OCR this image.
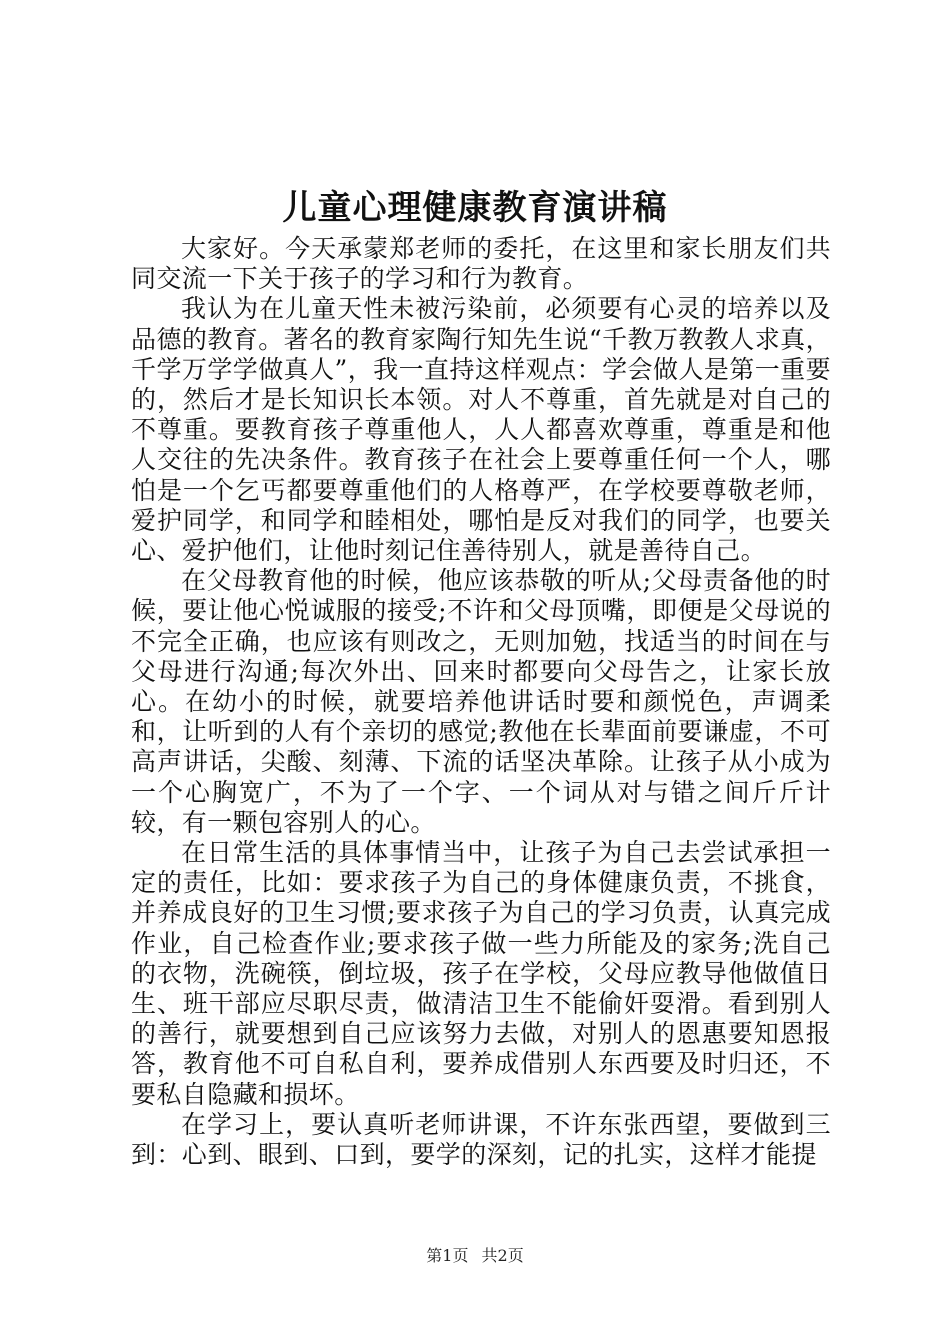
儿童心理健康教育演讲稿

大家好。今天承蒙郑老师的委托，在这里和家长朋友们共同交流一下关于孩子的学习和行为教育。

我认为在儿童天性未被污染前，必须要有心灵的培养以及品德的教育。著名的教育家陶行知先生说“千教万教教人求真，千学万学学做真人”，我一直持这样观点：学会做人是第一重要的，然后才是长知识长本领。对人不尊重，首先就是对自己的不尊重。要教育孩子尊重他人，人人都喜欢尊重，尊重是和他人交往的先决条件。教育孩子在社会上要尊重任何一个人，哪怕是一个乞丐都要尊重他们的人格尊严，在学校要尊敬老师，爱护同学，和同学和睦相处，哪怕是反对我们的同学，也要关心、爱护他们，让他时刻记住善待别人，就是善待自己。

在父母教育他的时候，他应该恭敬的听从;父母责备他的时候，要让他心悦诚服的接受;不许和父母顶嘴，即便是父母说的不完全正确，也应该有则改之，无则加勉，找适当的时间在与父母进行沟通;每次外出、回来时都要向父母告之，让家长放心。在幼小的时候，就要培养他讲话时要和颜悦色，声调柔和，让听到的人有个亲切的感觉;教他在长辈面前要谦虚，不可高声讲话，尖酸、刻薄、下流的话坚决革除。让孩子从小成为一个心胸宽广，不为了一个字、一个词从对与错之间斤斤计较，有一颗包容别人的心。

在日常生活的具体事情当中，让孩子为自己去尝试承担一定的责任，比如：要求孩子为自己的身体健康负责，不挑食，并养成良好的卫生习惯;要求孩子为自己的学习负责，认真完成作业，自己检查作业;要求孩子做一些力所能及的家务;洗自己的衣物，洗碗筷，倒垃圾，孩子在学校，父母应教导他做值日生、班干部应尽职尽责，做清洁卫生不能偷奸耍滑。看到别人的善行，就要想到自己应该努力去做，对别人的恩惠要知恩报答，教育他不可自私自利，要养成借别人东西要及时归还，不要私自隐藏和损坏。

在学习上，要认真听老师讲课，不许东张西望，要做到三到：心到、眼到、口到，要学的深刻，记的扎实，这样才能提

第1页 共2页
